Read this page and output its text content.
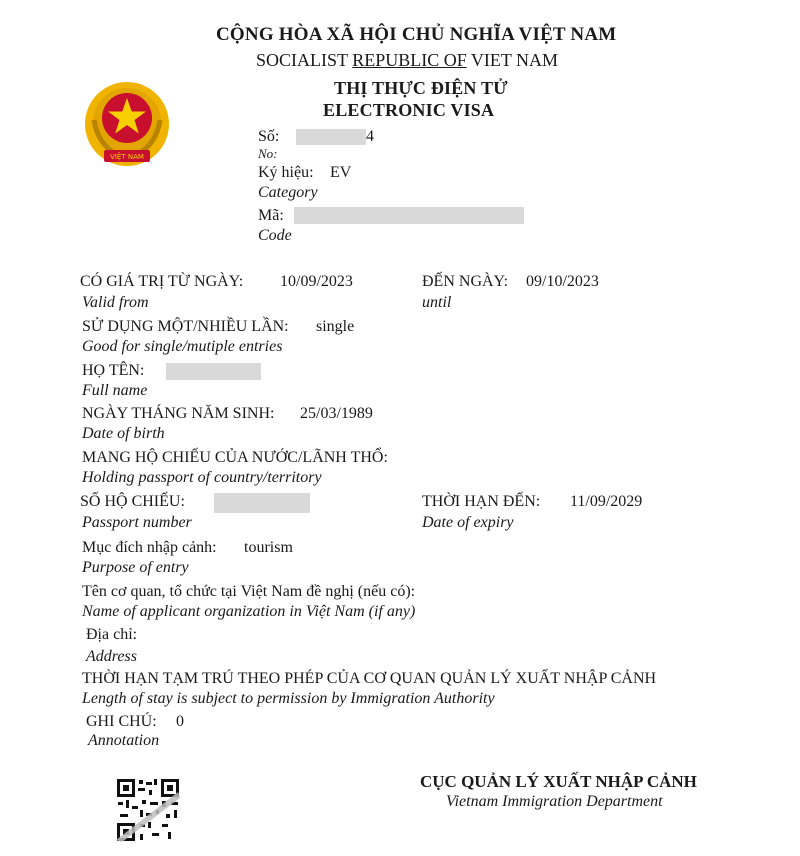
CỘNG HÒA XÃ HỘI CHỦ NGHĨA VIỆT NAM
SOCIALIST REPUBLIC OF VIET NAM
THỊ THỰC ĐIỆN TỬ
ELECTRONIC VISA
VIỆT NAM
Số:	4
No:
Ký hiệu: EV
Category
Mã:
Code
CÓ GIÁ TRỊ TỪ NGÀY: 10/09/2023
Valid from
ĐẾN NGÀY: 09/10/2023
until
SỬ DỤNG MỘT/NHIỀU LẦN: single
Good for single/mutiple entries
HỌ TÊN:
Full name
NGÀY THÁNG NĂM SINH: 25/03/1989
Date of birth
MANG HỘ CHIẾU CỦA NƯỚC/LÃNH THỔ:
Holding passport of country/territory
SỐ HỘ CHIẾU:
Passport number
THỜI HẠN ĐẾN: 11/09/2029
Date of expiry
Mục đích nhập cảnh: tourism
Purpose of entry
Tên cơ quan, tổ chức tại Việt Nam đề nghị (nếu có):
Name of applicant organization in Việt Nam (if any)
Địa chỉ:
Address
THỜI HẠN TẠM TRÚ THEO PHÉP CỦA CƠ QUAN QUẢN LÝ XUẤT NHẬP CẢNH
Length of stay is subject to permission by Immigration Authority
GHI CHÚ: 0
Annotation
CỤC QUẢN LÝ XUẤT NHẬP CẢNH
Vietnam Immigration Department
